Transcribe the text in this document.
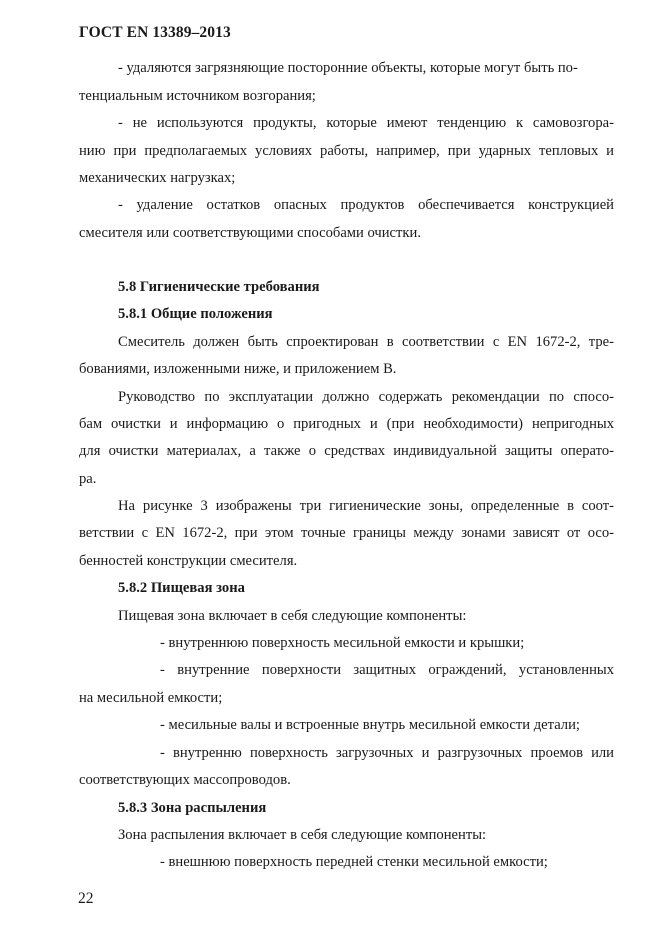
ГОСТ EN 13389–2013
- удаляются загрязняющие посторонние объекты, которые могут быть по-
тенциальным источником возгорания;
- не используются продукты, которые имеют тенденцию к самовозгора-
нию при предполагаемых условиях работы, например, при ударных тепловых и
механических нагрузках;
- удаление остатков опасных продуктов обеспечивается конструкцией
смесителя или соответствующими способами очистки.
5.8 Гигиенические требования
5.8.1 Общие положения
Смеситель должен быть спроектирован в соответствии с EN 1672-2, тре-
бованиями, изложенными ниже, и приложением В.
Руководство по эксплуатации должно содержать рекомендации по спосо-
бам очистки и информацию о пригодных и (при необходимости) непригодных
для очистки материалах, а также о средствах индивидуальной защиты операто-
ра.
На рисунке 3 изображены три гигиенические зоны, определенные в соот-
ветствии с EN 1672-2, при этом точные границы между зонами зависят от осо-
бенностей конструкции смесителя.
5.8.2 Пищевая зона
Пищевая зона включает в себя следующие компоненты:
- внутреннюю поверхность месильной емкости и крышки;
- внутренние поверхности защитных ограждений, установленных
на месильной емкости;
- месильные валы и встроенные внутрь месильной емкости детали;
- внутренню поверхность загрузочных и разгрузочных проемов или
соответствующих массопроводов.
5.8.3 Зона распыления
Зона распыления включает в себя следующие компоненты:
- внешнюю поверхность передней стенки месильной емкости;
22
